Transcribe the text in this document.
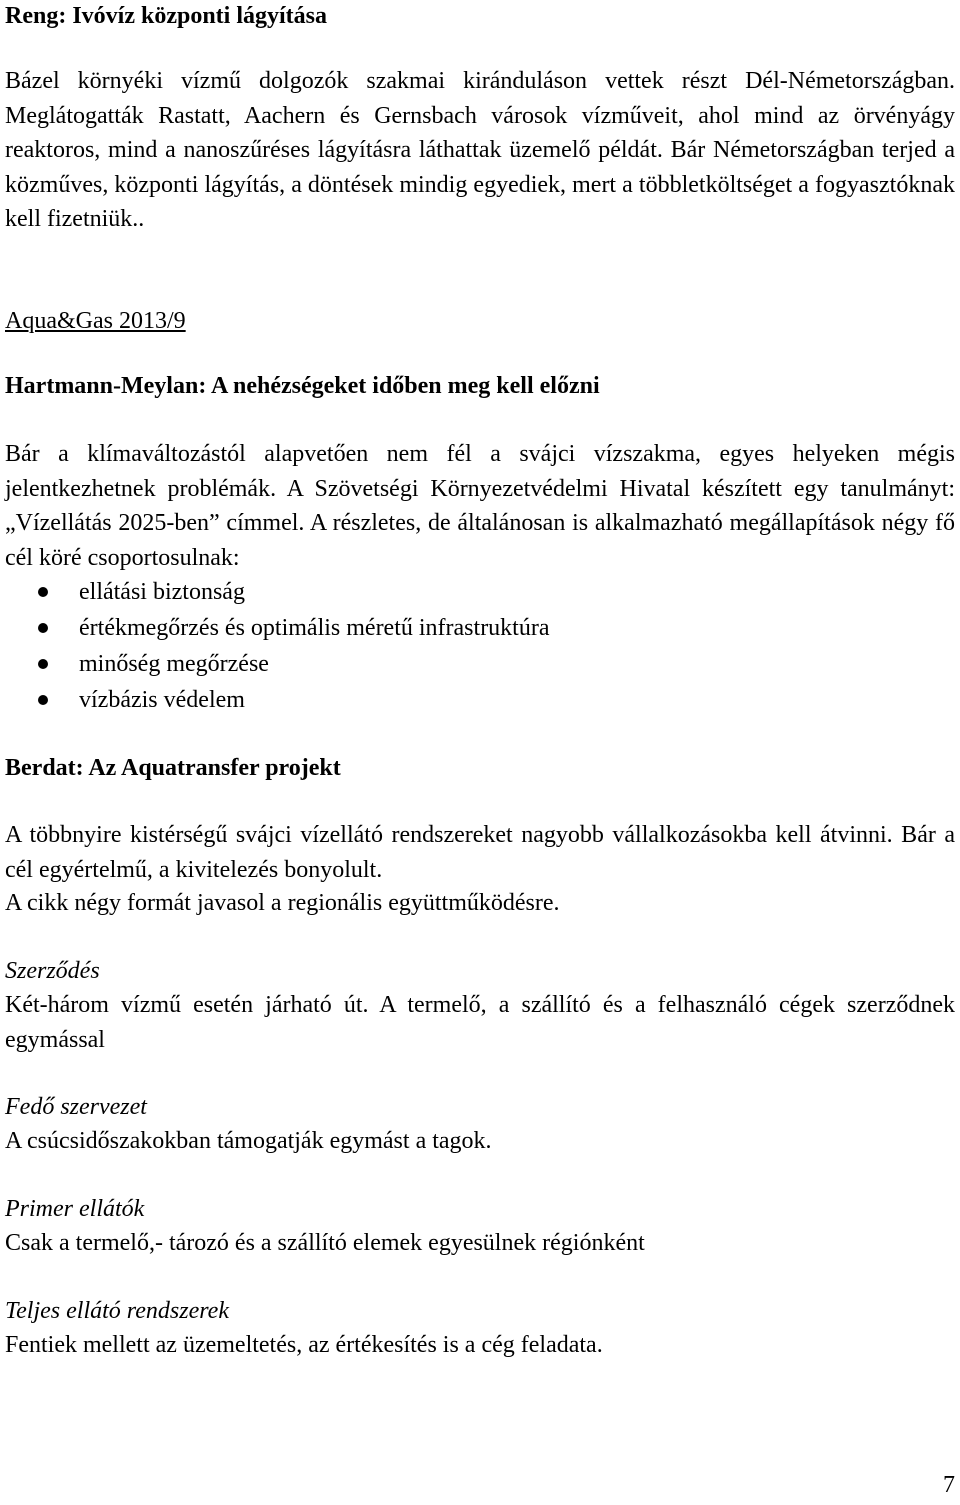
Reng: Ivóvíz központi lágyítása

Bázel környéki vízmű dolgozók szakmai kiránduláson vettek részt Dél-Németországban. Meglátogatták Rastatt, Aachern és Gernsbach városok vízműveit, ahol mind az örvényágy reaktoros, mind a nanoszűréses lágyításra láthattak üzemelő példát. Bár Németországban terjed a közműves, központi lágyítás, a döntések mindig egyediek, mert a többletköltséget a fogyasztóknak kell fizetniük..

Aqua&Gas 2013/9

Hartmann-Meylan: A nehézségeket időben meg kell előzni

Bár a klímaváltozástól alapvetően nem fél a svájci vízszakma, egyes helyeken mégis jelentkezhetnek problémák. A Szövetségi Környezetvédelmi Hivatal készített egy tanulmányt: „Vízellátás 2025-ben” címmel. A részletes, de általánosan is alkalmazható megállapítások négy fő cél köré csoportosulnak:

ellátási biztonság
értékmegőrzés és optimális méretű infrastruktúra
minőség megőrzése
vízbázis védelem
Berdat: Az Aquatransfer projekt

A többnyire kistérségű svájci vízellátó rendszereket nagyobb vállalkozásokba kell átvinni. Bár a cél egyértelmű, a kivitelezés bonyolult.

A cikk négy formát javasol a regionális együttműködésre.

Szerződés

Két-három vízmű esetén járható út. A termelő, a szállító és a felhasználó cégek szerződnek egymással

Fedő szervezet

A csúcsidőszakokban támogatják egymást a tagok.

Primer ellátók

Csak a termelő,- tározó és a szállító elemek egyesülnek régiónként

Teljes ellátó rendszerek

Fentiek mellett az üzemeltetés, az értékesítés is a cég feladata.

7
